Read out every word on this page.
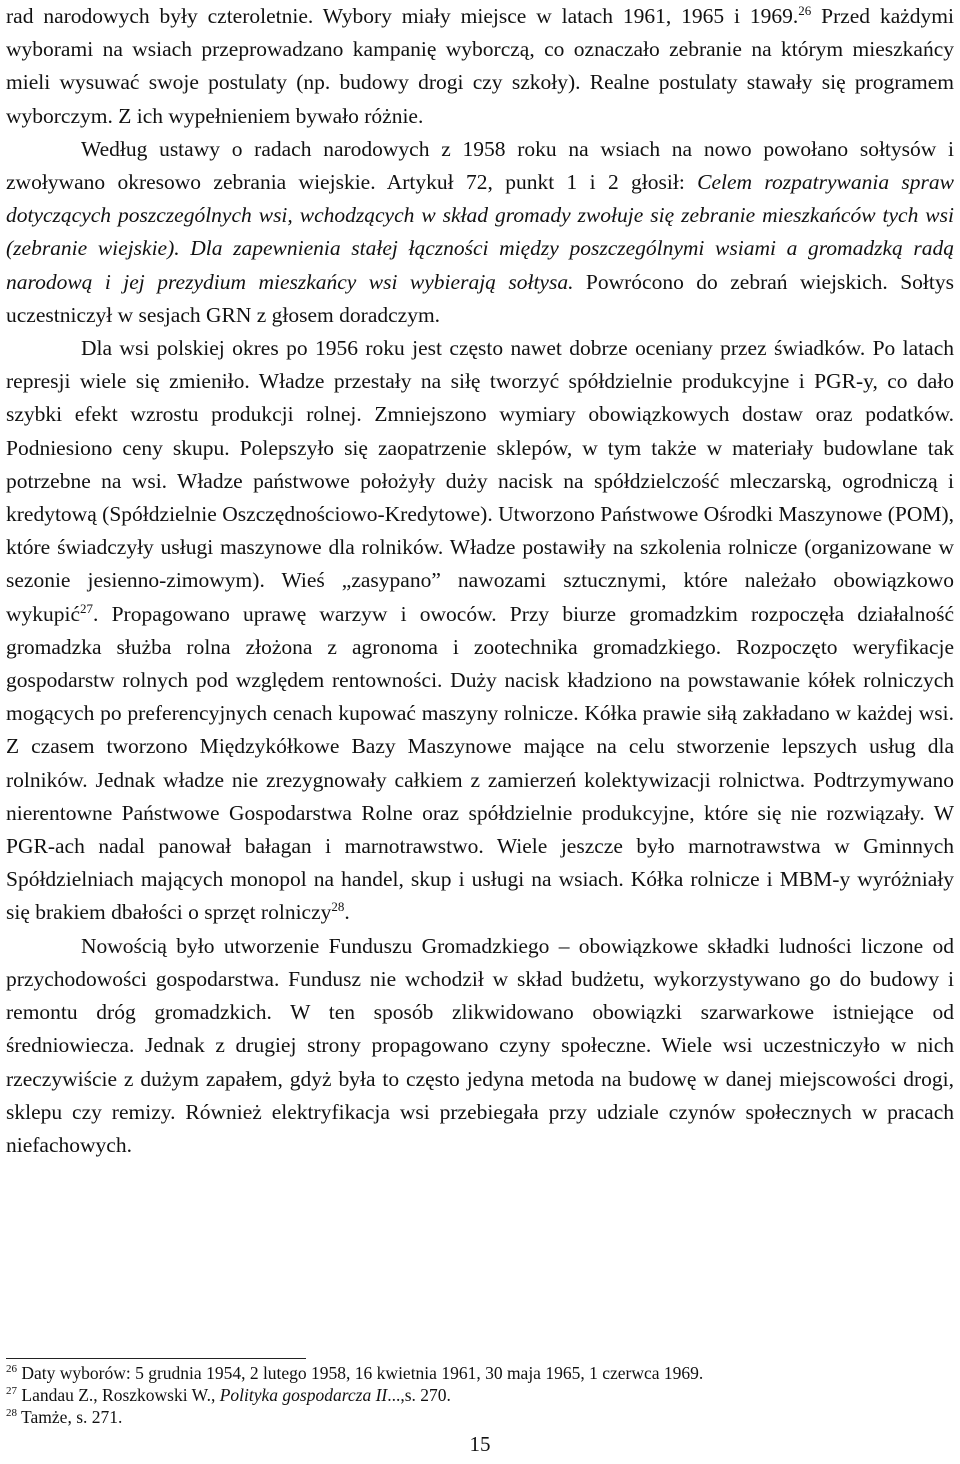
rad narodowych były czteroletnie. Wybory miały miejsce w latach 1961, 1965 i 1969.26 Przed każdymi wyborami na wsiach przeprowadzano kampanię wyborczą, co oznaczało zebranie na którym mieszkańcy mieli wysuwać swoje postulaty (np. budowy drogi czy szkoły). Realne postulaty stawały się programem wyborczym. Z ich wypełnieniem bywało różnie.

Według ustawy o radach narodowych z 1958 roku na wsiach na nowo powołano sołtysów i zwoływano okresowo zebrania wiejskie. Artykuł 72, punkt 1 i 2 głosił: Celem rozpatrywania spraw dotyczących poszczególnych wsi, wchodzących w skład gromady zwołuje się zebranie mieszkańców tych wsi (zebranie wiejskie). Dla zapewnienia stałej łączności między poszczególnymi wsiami a gromadzką radą narodową i jej prezydium mieszkańcy wsi wybierają sołtysa. Powrócono do zebrań wiejskich. Sołtys uczestniczył w sesjach GRN z głosem doradczym.

Dla wsi polskiej okres po 1956 roku jest często nawet dobrze oceniany przez świadków. Po latach represji wiele się zmieniło. Władze przestały na siłę tworzyć spółdzielnie produkcyjne i PGR-y, co dało szybki efekt wzrostu produkcji rolnej. Zmniejszono wymiary obowiązkowych dostaw oraz podatków. Podniesiono ceny skupu. Polepszyło się zaopatrzenie sklepów, w tym także w materiały budowlane tak potrzebne na wsi. Władze państwowe położyły duży nacisk na spółdzielczość mleczarską, ogrodniczą i kredytową (Spółdzielnie Oszczędnościowo-Kredytowe). Utworzono Państwowe Ośrodki Maszynowe (POM), które świadczyły usługi maszynowe dla rolników. Władze postawiły na szkolenia rolnicze (organizowane w sezonie jesienno-zimowym). Wieś „zasypano” nawozami sztucznymi, które należało obowiązkowo wykupić$^{27}$. Propagowano uprawę warzyw i owoców. Przy biurze gromadzkim rozpoczęła działalność gromadzka służba rolna złożona z agronoma i zootechnika gromadzkiego. Rozpoczęto weryfikacje gospodarstw rolnych pod względem rentowności. Duży nacisk kładziono na powstawanie kółek rolniczych mogących po preferencyjnych cenach kupować maszyny rolnicze. Kółka prawie siłą zakładano w każdej wsi. Z czasem tworzono Międzykółkowe Bazy Maszynowe mające na celu stworzenie lepszych usług dla rolników. Jednak władze nie zrezygnowały całkiem z zamierzeń kolektywizacji rolnictwa. Podtrzymywano nierentowne Państwowe Gospodarstwa Rolne oraz spółdzielnie produkcyjne, które się nie rozwiązały. W PGR-ach nadal panował bałagan i marnotrawstwo. Wiele jeszcze było marnotrawstwa w Gminnych Spółdzielniach mających monopol na handel, skup i usługi na wsiach. Kółka rolnicze i MBM-y wyróżniały się brakiem dbałości o sprzęt rolniczy$^{28}$.

Nowością było utworzenie Funduszu Gromadzkiego – obowiązkowe składki ludności liczone od przychodowości gospodarstwa. Fundusz nie wchodził w skład budżetu, wykorzystywano go do budowy i remontu dróg gromadzkich. W ten sposób zlikwidowano obowiązki szarwarkowe istniejące od średniowiecza. Jednak z drugiej strony propagowano czyny społeczne. Wiele wsi uczestniczyło w nich rzeczywiście z dużym zapałem, gdyż była to często jedyna metoda na budowę w danej miejscowości drogi, sklepu czy remizy. Również elektryfikacja wsi przebiegała przy udziale czynów społecznych w pracach niefachowych.

$^{26}$ Daty wyborów: 5 grudnia 1954, 2 lutego 1958, 16 kwietnia 1961, 30 maja 1965, 1 czerwca 1969.
$^{27}$ Landau Z., Roszkowski W., Polityka gospodarcza II...,s. 270.
$^{28}$ Tamże, s. 271.
15
